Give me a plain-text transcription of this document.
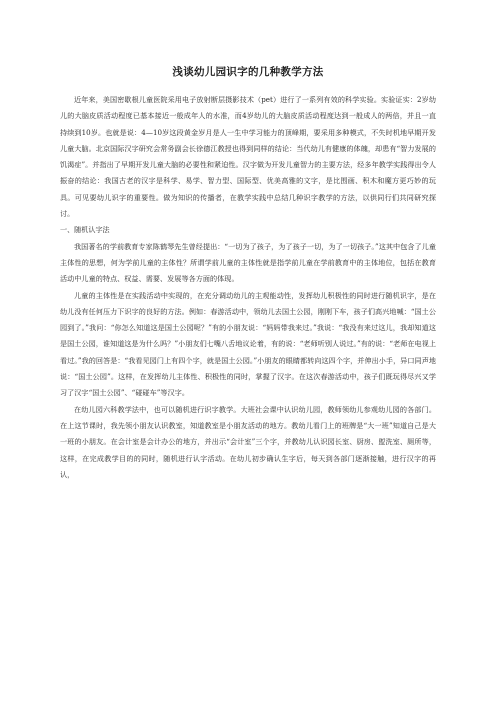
浅谈幼儿园识字的几种教学方法

近年来，美国密歇根儿童医院采用电子放射断层摄影技术（pet）进行了一系列有效的科学实验。实验证实：2岁幼儿的大脑皮质活动程度已基本接近一般成年人的水准，而4岁幼儿的大脑皮质活动程度达到一般成人的两倍，并且一直持续到10岁。也就是说：4—10岁这段黄金岁月是人一生中学习能力的顶峰期，要采用多种模式，不失时机地早期开发儿童大脑。北京国际汉字研究会常务副会长徐德江教授也得到同样的结论：当代幼儿有健康的体魄，却患有“智力发展的饥渴症”。并指出了早期开发儿童大脑的必要性和紧迫性。汉字做为开发儿童智力的主要方法，经多年教学实践得出令人振奋的结论：我国古老的汉字是科学、易学、智力型、国际型、优美高雅的文字，是比围画、积木和魔方更巧妙的玩具。可见要幼儿识字的重要性。做为知识的传播者，在教学实践中总结几种识字教学的方法，以供同行们共同研究探讨。

一、随机认字法

我国著名的学前教育专家陈鹤琴先生曾经提出：“一切为了孩子，为了孩子一切，为了一切孩子。”这其中包含了儿童主体性的思想，何为学前儿童的主体性？所谓学前儿童的主体性就是指学前儿童在学前教育中的主体地位，包括在教育活动中儿童的特点、权益、需要、发展等各方面的体现。

儿童的主体性是在实践活动中实现的，在充分调动幼儿的主观能动性，发挥幼儿积极性的同时进行随机识字，是在幼儿没有任何压力下识字的良好的方法。例如：春游活动中，领幼儿去国土公园，刚刚下车，孩子们高兴地喊：“国土公园到了。”我问：“你怎么知道这是国土公园呢？”有的小朋友说：“妈妈带我来过。”我说：“我没有来过这儿，我却知道这是国土公园，谁知道这是为什么吗？”小朋友们七嘴八舌地议论着，有的说：“老师听别人说过。”有的说：“老师在电视上看过。”我的回答是：“我看见园门上有四个字，就是国土公园。”小朋友的眼睛都转向这四个字，并伸出小手，异口同声地说：“国土公园”。这样，在发挥幼儿主体性、积极性的同时，掌握了汉字。在这次春游活动中，孩子们既玩得尽兴又学习了汉字“国土公园”、“碰碰车”等汉字。

在幼儿园六科教学法中，也可以随机进行识字教学。大班社会课中认识幼儿园，教师领幼儿参观幼儿园的各部门。在上这节课时，我先领小朋友认识教室，知道教室是小朋友活动的地方。教幼儿看门上的班牌是“大一班”知道自己是大一班的小朋友。在会计室是会计办公的地方，并出示“会计室”三个字，并教幼儿认识园长室、厨房、盥洗室、厕所等，这样，在完成教学目的的同时，随机进行认字活动。在幼儿初步确认生字后，每天到各部门逐渐接触，进行汉字的再认，
